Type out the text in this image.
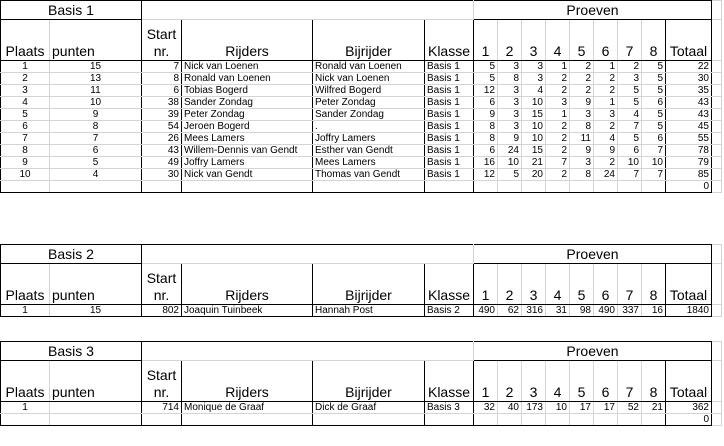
Basis 1						Proeven									
Plaats	punten	Start
nr.	Rijders	Bijrijder	Klasse	1	2	3	4	5	6	7	8	Totaal	
1	15	7	Nick van Loenen	Ronald van Loenen	Basis 1	5	3	3	1	2	1	2	5	22	
2	13	8	Ronald van Loenen	Nick van Loenen	Basis 1	5	8	3	2	2	2	3	5	30	
3	11	6	Tobias Bogerd	Wilfred Bogerd	Basis 1	12	3	4	2	2	2	5	5	35	
4	10	38	Sander Zondag	Peter Zondag	Basis 1	6	3	10	3	9	1	5	6	43	
5	9	39	Peter Zondag	Sander Zondag	Basis 1	9	3	15	1	3	3	4	5	43	
6	8	54	Jeroen Bogerd	.	Basis 1	8	3	10	2	8	2	7	5	45	
7	7	26	Mees Lamers	Joffry Lamers	Basis 1	8	9	10	2	11	4	5	6	55	
8	6	43	Willem-Dennis van Gendt	Esther van Gendt	Basis 1	6	24	15	2	9	9	6	7	78	
9	5	49	Joffry Lamers	Mees Lamers	Basis 1	16	10	21	7	3	2	10	10	79	
10	4	30	Nick van Gendt	Thomas van Gendt	Basis 1	12	5	20	2	8	24	7	7	85	
														0	
Basis 2						Proeven									
Plaats	punten	Start
nr.	Rijders	Bijrijder	Klasse	1	2	3	4	5	6	7	8	Totaal	
1	15	802	Joaquin Tuinbeek	Hannah Post	Basis 2	490	62	316	31	98	490	337	16	1840	
Basis 3						Proeven									
Plaats	punten	Start
nr.	Rijders	Bijrijder	Klasse	1	2	3	4	5	6	7	8	Totaal	
1		714	Monique de Graaf	Dick de Graaf	Basis 3	32	40	173	10	17	17	52	21	362	
														0	
